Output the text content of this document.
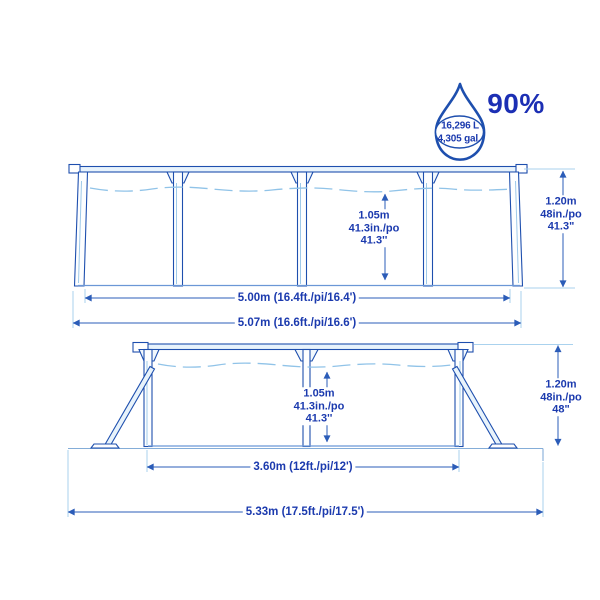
16,296 L
4,305 gal.
90%
1.05m
41.3in./po
41.3''
1.20m
48in./po
41.3"
5.00m (16.4ft./pi/16.4')
5.07m (16.6ft./pi/16.6')
1.05m
41.3in./po
41.3''
1.20m
48in./po
48"
3.60m (12ft./pi/12')
5.33m (17.5ft./pi/17.5')
